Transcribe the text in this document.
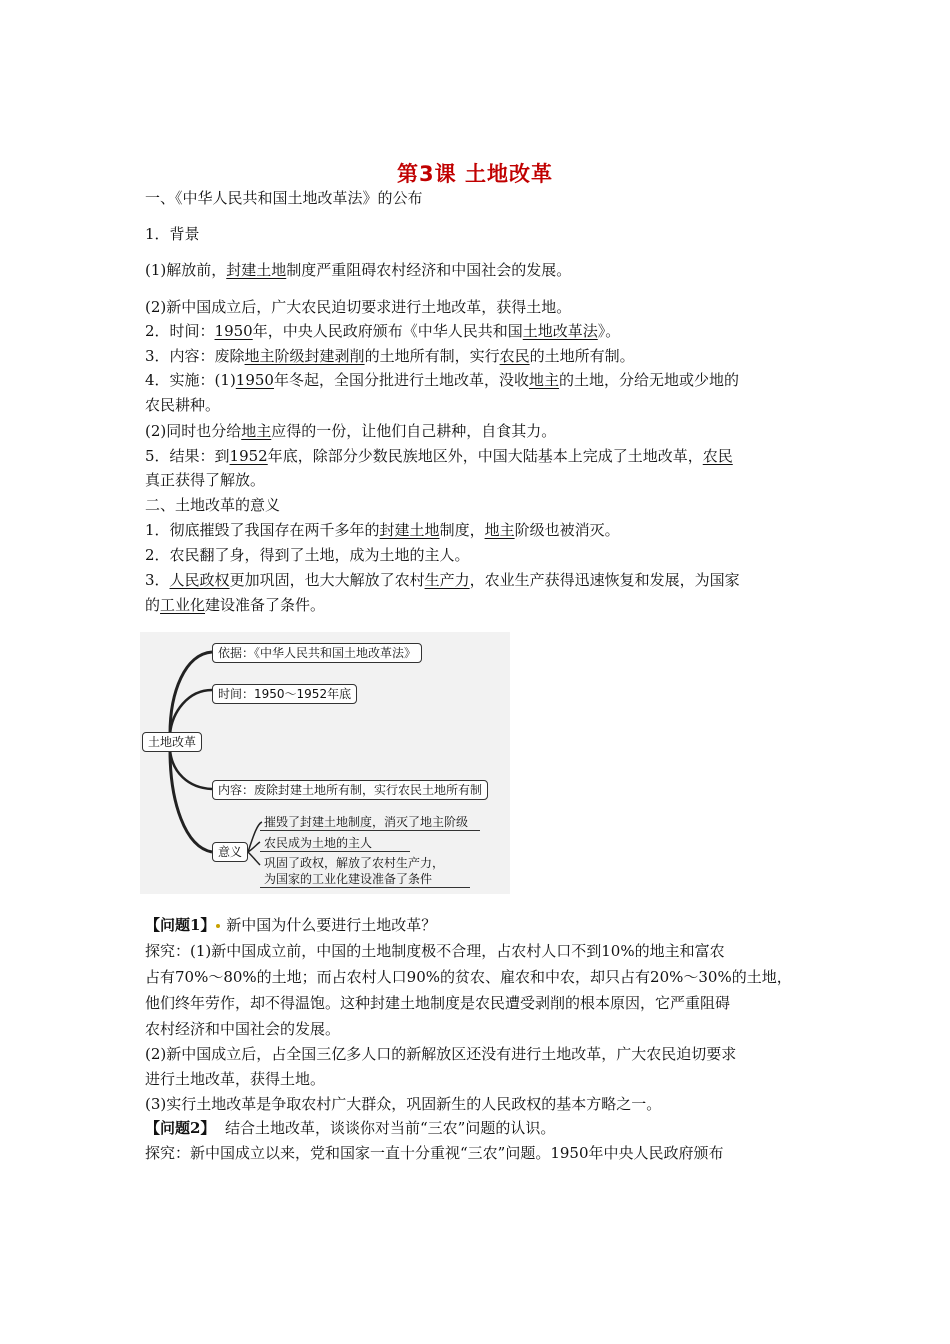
第3课 土地改革
一、《中华人民共和国土地改革法》的公布
1．背景
(1)解放前，封建土地制度严重阻碍农村经济和中国社会的发展。
(2)新中国成立后，广大农民迫切要求进行土地改革，获得土地。
2．时间：1950年，中央人民政府颁布《中华人民共和国土地改革法》。
3．内容：废除地主阶级封建剥削的土地所有制，实行农民的土地所有制。
4．实施：(1)1950年冬起，全国分批进行土地改革，没收地主的土地，分给无地或少地的
农民耕种。
(2)同时也分给地主应得的一份，让他们自己耕种，自食其力。
5．结果：到1952年底，除部分少数民族地区外，中国大陆基本上完成了土地改革，农民
真正获得了解放。
二、土地改革的意义
1．彻底摧毁了我国存在两千多年的封建土地制度，地主阶级也被消灭。
2．农民翻了身，得到了土地，成为土地的主人。
3．人民政权更加巩固，也大大解放了农村生产力，农业生产获得迅速恢复和发展，为国家
的工业化建设准备了条件。
土地改革
依据：《中华人民共和国土地改革法》
时间：1950～1952年底
内容：废除封建土地所有制，实行农民土地所有制
意义
摧毁了封建土地制度，消灭了地主阶级
农民成为土地的主人
巩固了政权，解放了农村生产力，
为国家的工业化建设准备了条件
【问题1】 新中国为什么要进行土地改革？
探究：(1)新中国成立前，中国的土地制度极不合理，占农村人口不到10%的地主和富农
占有70%～80%的土地；而占农村人口90%的贫农、雇农和中农，却只占有20%～30%的土地，
他们终年劳作，却不得温饱。这种封建土地制度是农民遭受剥削的根本原因，它严重阻碍
农村经济和中国社会的发展。
(2)新中国成立后，占全国三亿多人口的新解放区还没有进行土地改革，广大农民迫切要求
进行土地改革，获得土地。
(3)实行土地改革是争取农村广大群众，巩固新生的人民政权的基本方略之一。
【问题2】 结合土地改革，谈谈你对当前“三农”问题的认识。
探究：新中国成立以来，党和国家一直十分重视“三农”问题。1950年中央人民政府颁布
